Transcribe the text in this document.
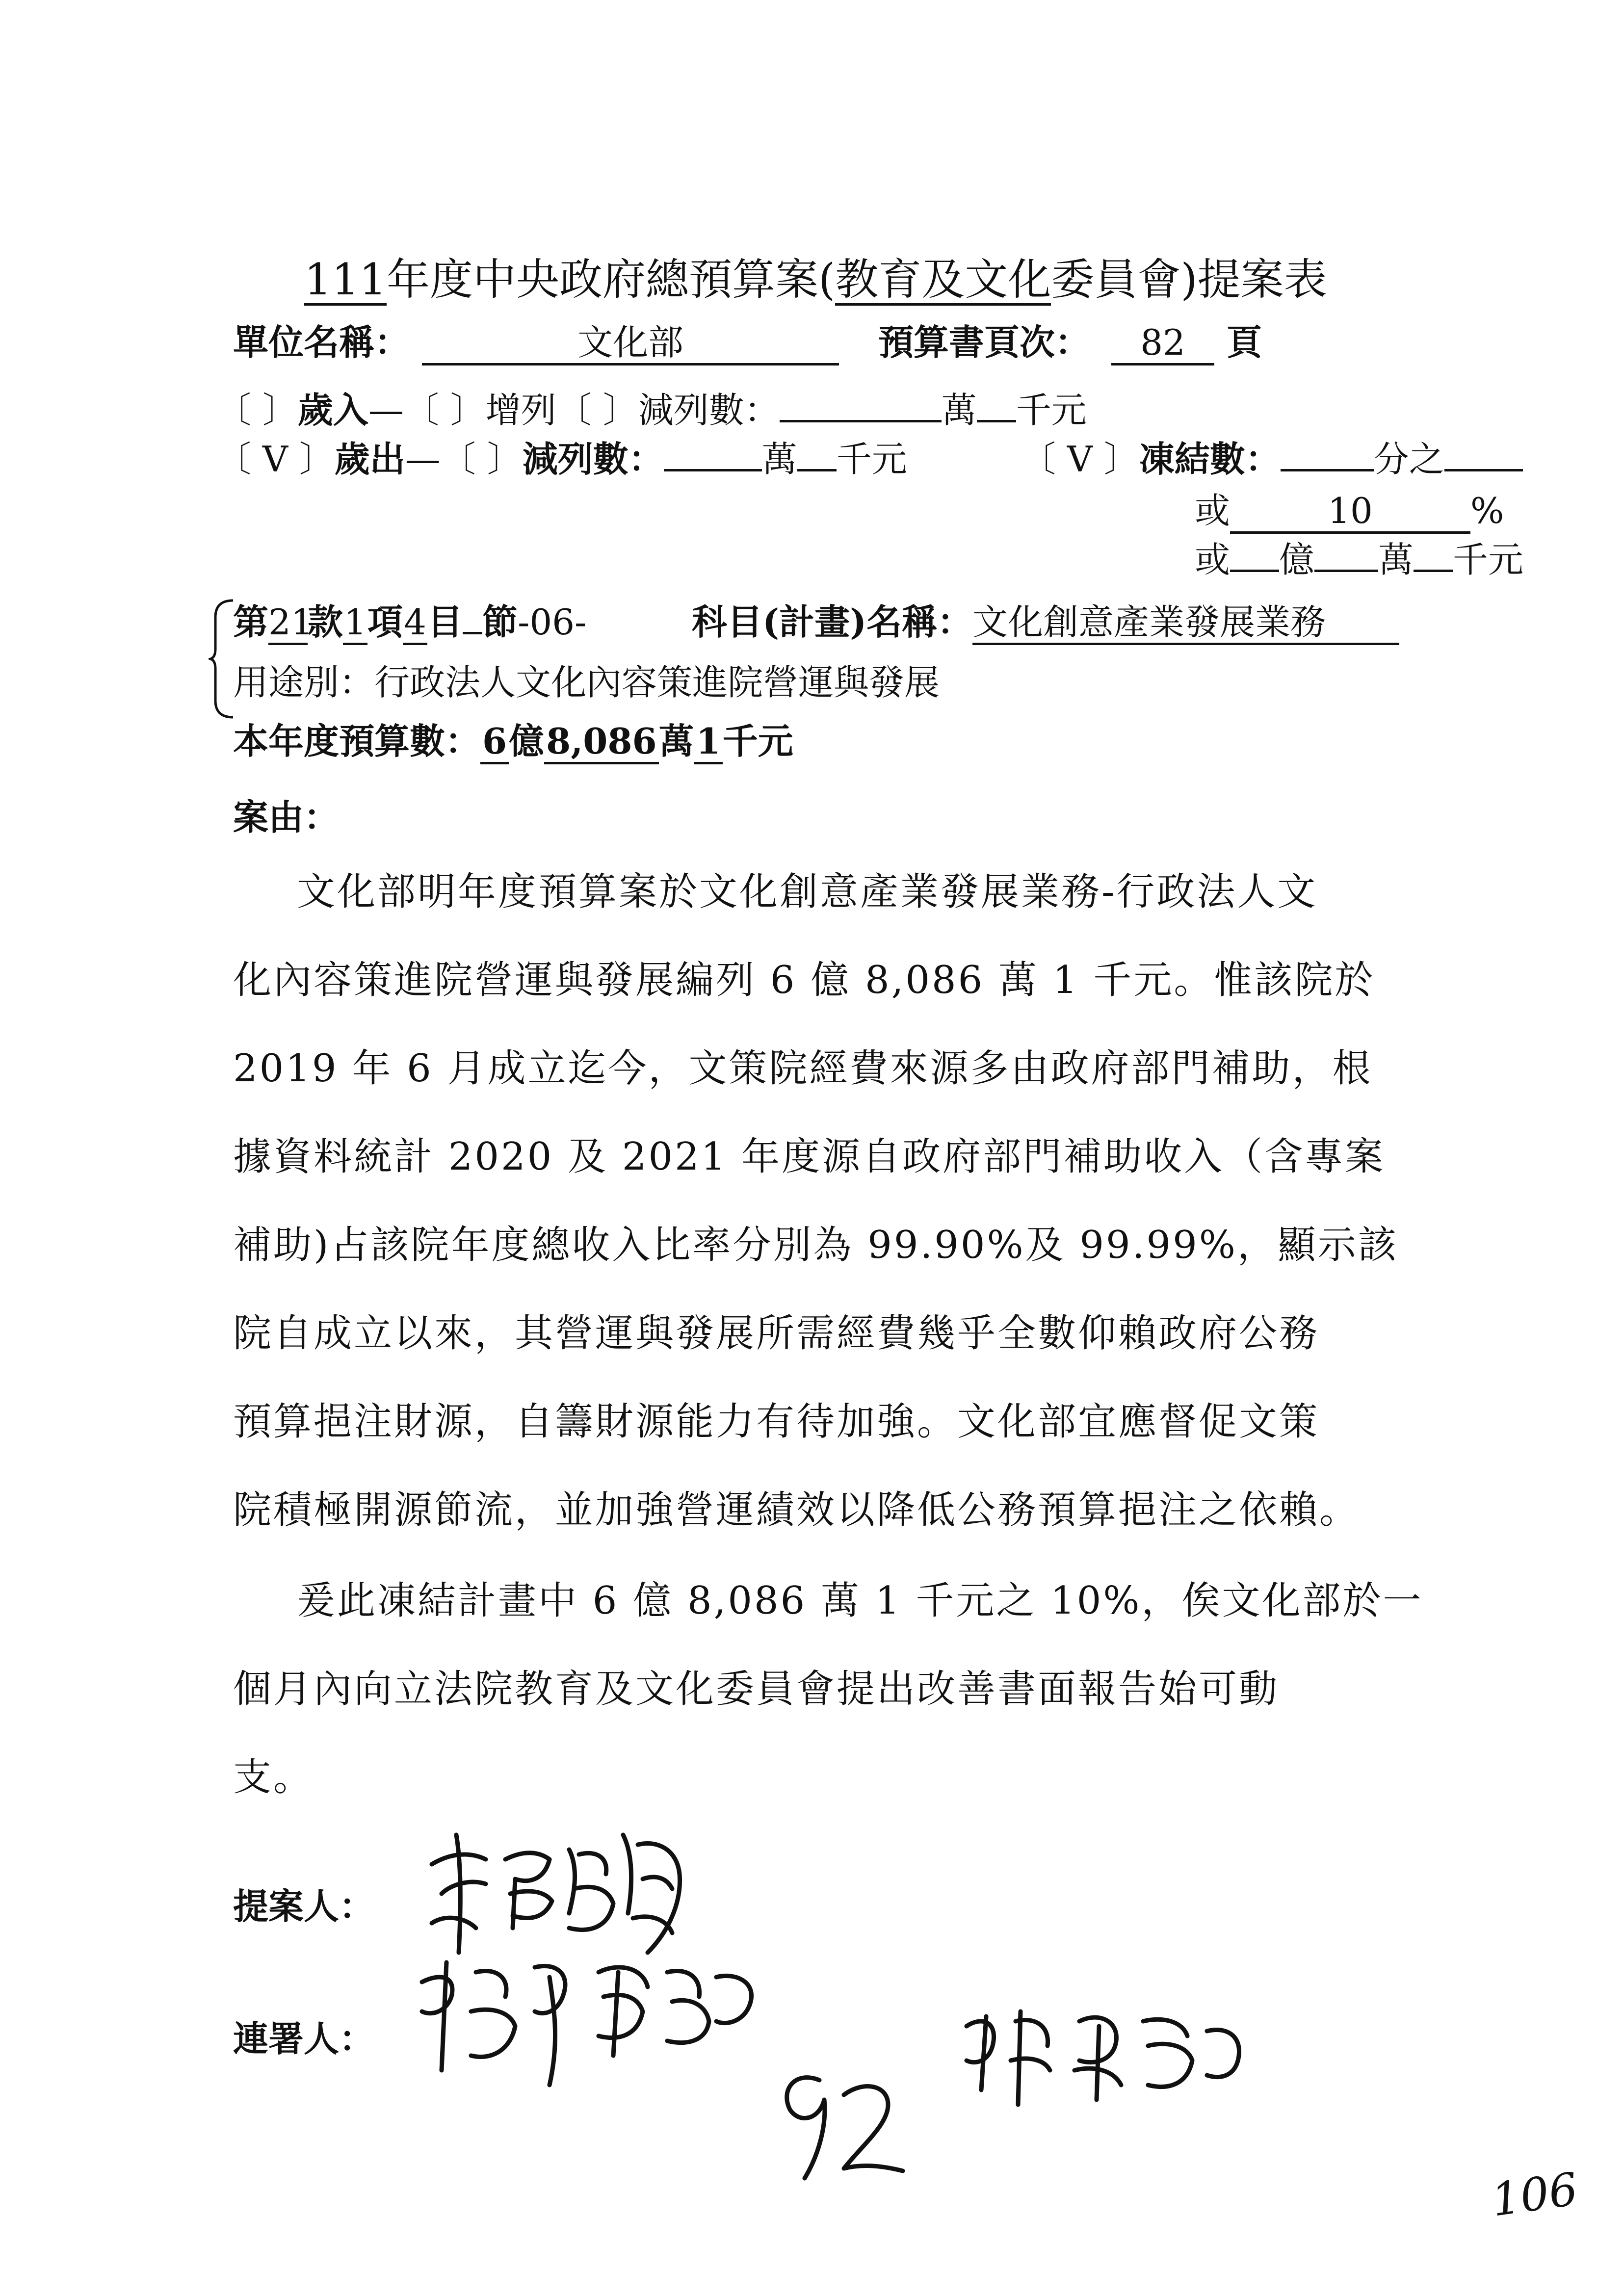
111年度中央政府總預算案(教育及文化委員會)提案表
單位名稱：	文化部	預算書頁次：	82	頁
〔 〕歲入—〔 〕增列〔 〕減列數：	萬 千元
〔 V 〕歲出—〔 〕減列數：	萬 千元	〔 V 〕凍結數：	分之
或	10	%
或 億 萬 千元
第21款1項4目 節-06-	科目(計畫)名稱：文化創意產業發展業務
用途別：行政法人文化內容策進院營運與發展
本年度預算數：6億8,086萬1千元
案由：
文化部明年度預算案於文化創意產業發展業務-行政法人文
化內容策進院營運與發展編列 6 億 8,086 萬 1 千元。惟該院於
2019 年 6 月成立迄今，文策院經費來源多由政府部門補助，根
據資料統計 2020 及 2021 年度源自政府部門補助收入（含專案
補助)占該院年度總收入比率分別為 99.90%及 99.99%，顯示該
院自成立以來，其營運與發展所需經費幾乎全數仰賴政府公務
預算挹注財源，自籌財源能力有待加強。文化部宜應督促文策
院積極開源節流，並加強營運績效以降低公務預算挹注之依賴。
爰此凍結計畫中 6 億 8,086 萬 1 千元之 10%，俟文化部於一
個月內向立法院教育及文化委員會提出改善書面報告始可動
支。
提案人：
連署人：
106
